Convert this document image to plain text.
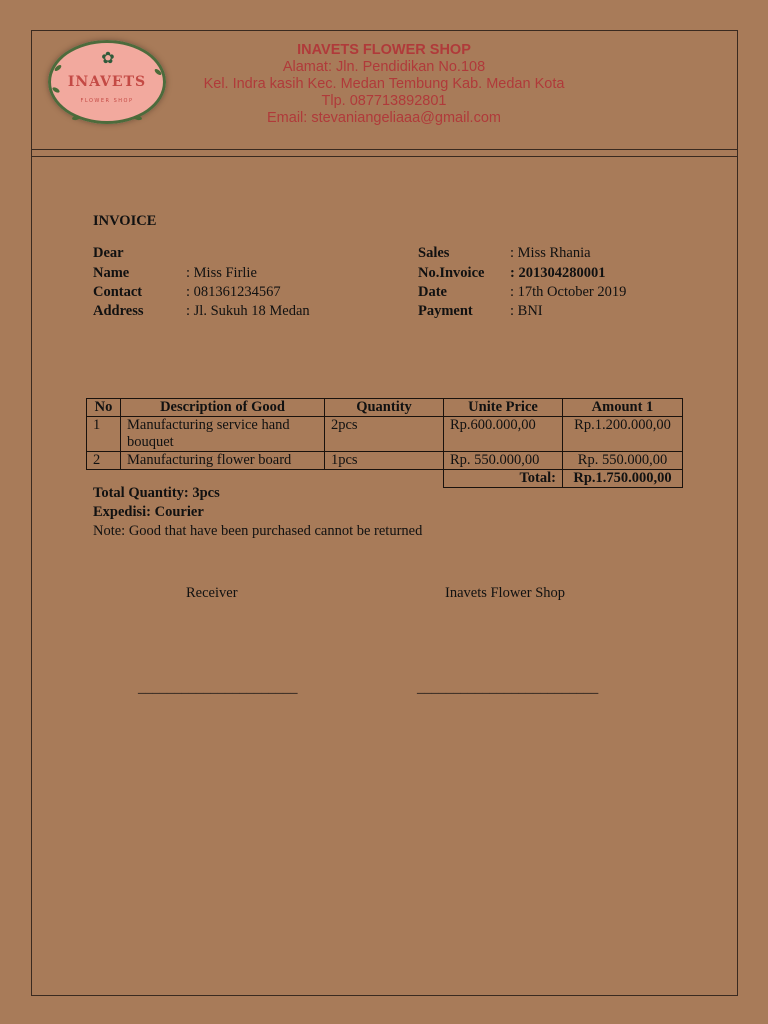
✿
INAVETS
FLOWER SHOP
INAVETS FLOWER SHOP
Alamat: Jln. Pendidikan No.108
Kel. Indra kasih Kec. Medan Tembung Kab. Medan Kota
Tlp. 087713892801
Email: stevaniangeliaaa@gmail.com
INVOICE
Dear
Name	: Miss Firlie
Contact	: 081361234567
Address	: Jl. Sukuh 18 Medan
Sales	: Miss Rhania
No.Invoice : 201304280001
Date	: 17th October 2019
Payment	: BNI
No	Description of Good	Quantity	Unite Price	Amount 1
1	Manufacturing service hand bouquet	2pcs	Rp.600.000,00	Rp.1.200.000,00
2	Manufacturing flower board	1pcs	Rp. 550.000,00	Rp. 550.000,00
			Total:	Rp.1.750.000,00
Total Quantity: 3pcs
Expedisi: Courier
Note: Good that have been purchased cannot be returned
Receiver	Inavets Flower Shop
______________________	_________________________
